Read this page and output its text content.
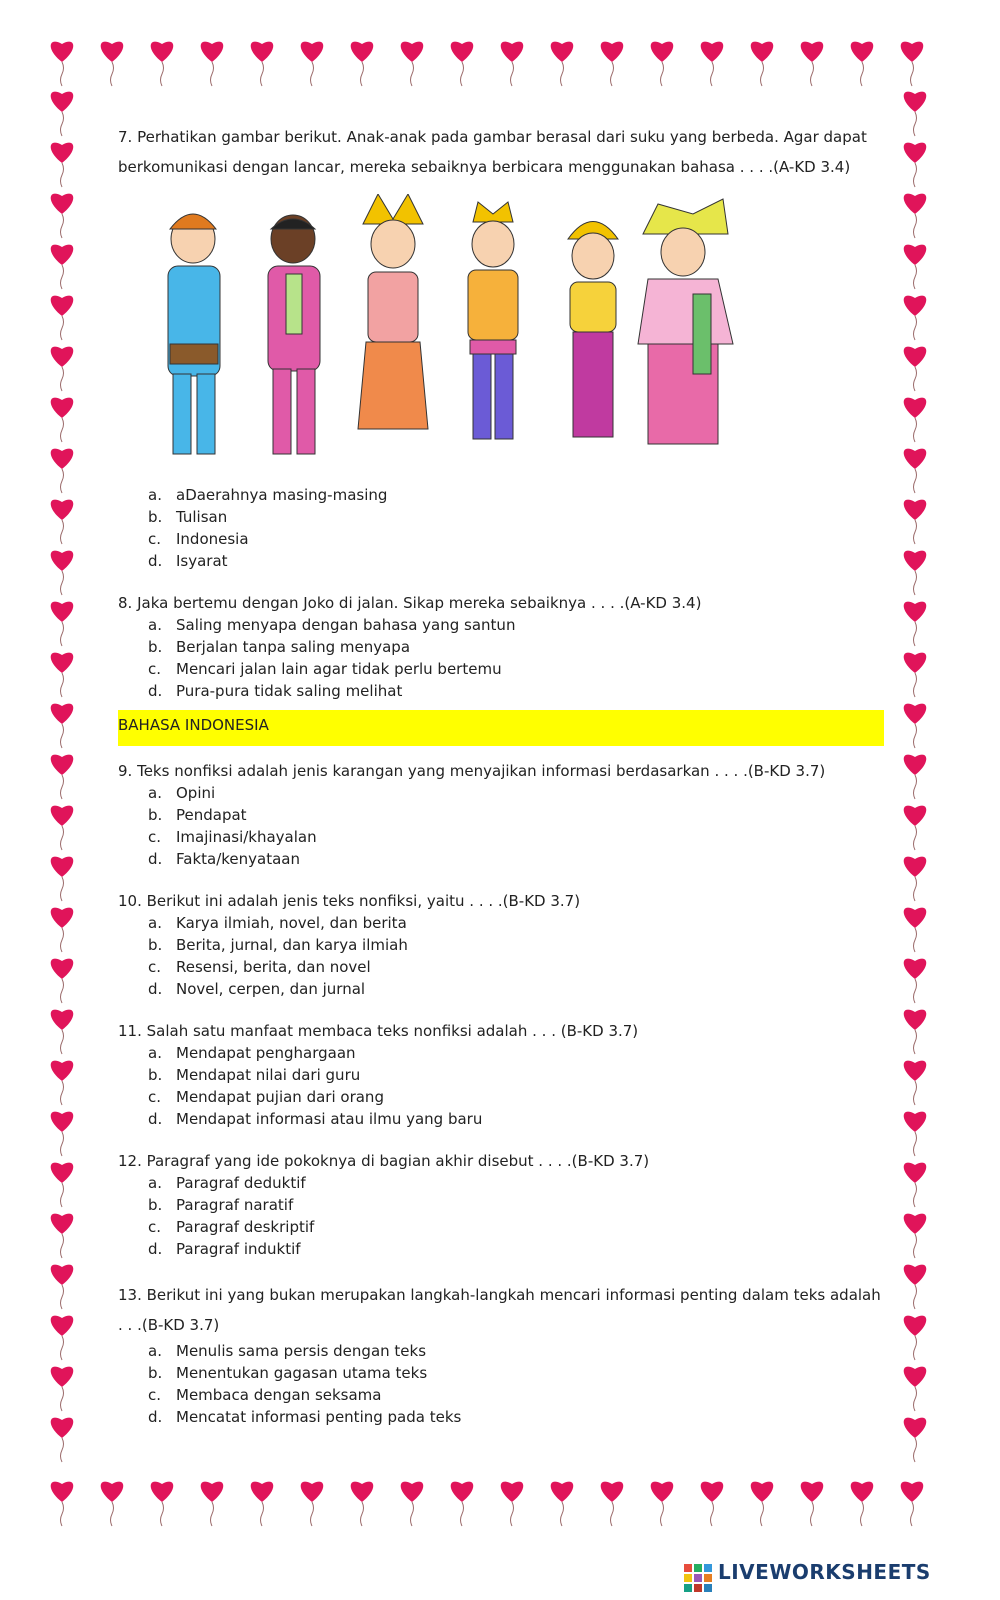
7. Perhatikan gambar berikut. Anak-anak pada gambar berasal dari suku yang berbeda. Agar dapat berkomunikasi dengan lancar, mereka sebaiknya berbicara menggunakan bahasa . . . .(A-KD 3.4)

a. aDaerahnya masing-masing
b. Tulisan
c. Indonesia
d. Isyarat

8. Jaka bertemu dengan Joko di jalan. Sikap mereka sebaiknya . . . .(A-KD 3.4)

a. Saling menyapa dengan bahasa yang santun
b. Berjalan tanpa saling menyapa
c. Mencari jalan lain agar tidak perlu bertemu
d. Pura-pura tidak saling melihat
BAHASA INDONESIA

9. Teks nonfiksi adalah jenis karangan yang menyajikan informasi berdasarkan . . . .(B-KD 3.7)

a. Opini
b. Pendapat
c. Imajinasi/khayalan
d. Fakta/kenyataan

10. Berikut ini adalah jenis teks nonfiksi, yaitu . . . .(B-KD 3.7)

a. Karya ilmiah, novel, dan berita
b. Berita, jurnal, dan karya ilmiah
c. Resensi, berita, dan novel
d. Novel, cerpen, dan jurnal

11. Salah satu manfaat membaca teks nonfiksi adalah . . . (B-KD 3.7)

a. Mendapat penghargaan
b. Mendapat nilai dari guru
c. Mendapat pujian dari orang
d. Mendapat informasi atau ilmu yang baru

12. Paragraf yang ide pokoknya di bagian akhir disebut . . . .(B-KD 3.7)

a. Paragraf deduktif
b. Paragraf naratif
c. Paragraf deskriptif
d. Paragraf induktif

13. Berikut ini yang bukan merupakan langkah-langkah mencari informasi penting dalam teks adalah . . .(B-KD 3.7)

a. Menulis sama persis dengan teks
b. Menentukan gagasan utama teks
c. Membaca dengan seksama
d. Mencatat informasi penting pada teks
LIVEWORKSHEETS
